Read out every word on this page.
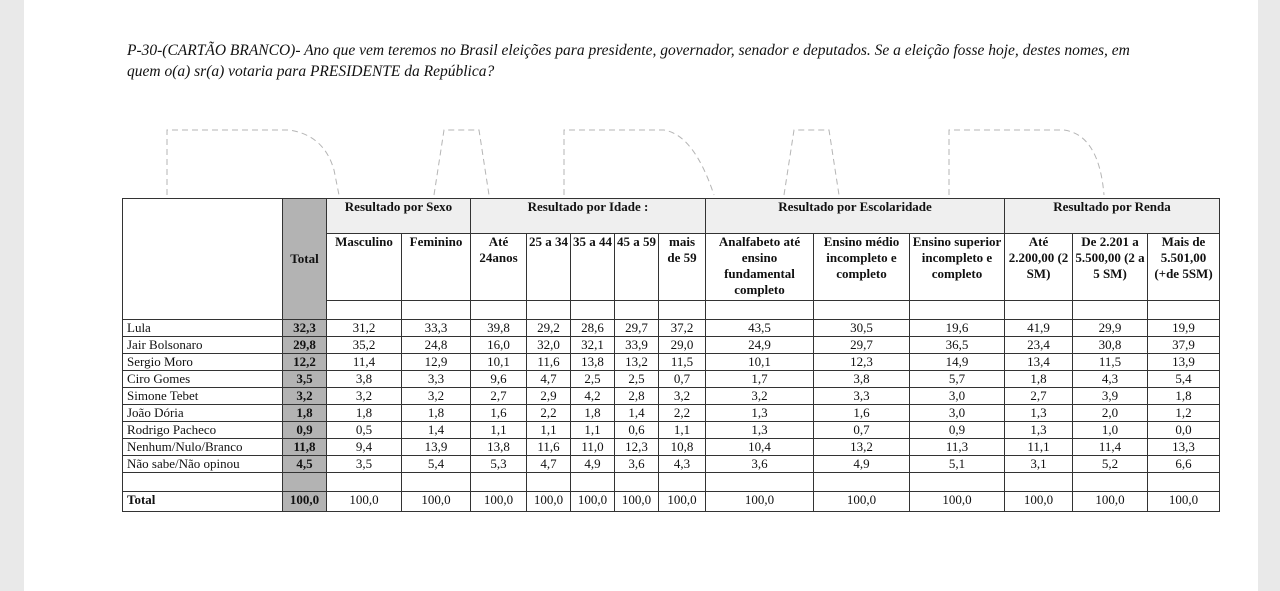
P-30-(CARTÃO BRANCO)- Ano que vem teremos no Brasil eleições para presidente, governador, senador e deputados. Se a eleição fosse hoje, destes nomes, em quem o(a) sr(a) votaria para PRESIDENTE da República?
	Total	Resultado por Sexo		Resultado por Idade :					Resultado por Escolaridade			Resultado por Renda		
		Masculino	Feminino	Até 24anos	25 a 34	35 a 44	45 a 59	mais de 59	Analfabeto até ensino fundamental completo	Ensino médio incompleto e completo	Ensino superior incompleto e completo	Até 2.200,00 (2 SM)	De 2.201 a 5.500,00 (2 a 5 SM)	Mais de 5.501,00 (+de 5SM)

Lula	32,3	31,2	33,3	39,8	29,2	28,6	29,7	37,2	43,5	30,5	19,6	41,9	29,9	19,9
Jair Bolsonaro	29,8	35,2	24,8	16,0	32,0	32,1	33,9	29,0	24,9	29,7	36,5	23,4	30,8	37,9
Sergio Moro	12,2	11,4	12,9	10,1	11,6	13,8	13,2	11,5	10,1	12,3	14,9	13,4	11,5	13,9
Ciro Gomes	3,5	3,8	3,3	9,6	4,7	2,5	2,5	0,7	1,7	3,8	5,7	1,8	4,3	5,4
Simone Tebet	3,2	3,2	3,2	2,7	2,9	4,2	2,8	3,2	3,2	3,3	3,0	2,7	3,9	1,8
João Dória	1,8	1,8	1,8	1,6	2,2	1,8	1,4	2,2	1,3	1,6	3,0	1,3	2,0	1,2
Rodrigo Pacheco	0,9	0,5	1,4	1,1	1,1	1,1	0,6	1,1	1,3	0,7	0,9	1,3	1,0	0,0
Nenhum/Nulo/Branco	11,8	9,4	13,9	13,8	11,6	11,0	12,3	10,8	10,4	13,2	11,3	11,1	11,4	13,3
Não sabe/Não opinou	4,5	3,5	5,4	5,3	4,7	4,9	3,6	4,3	3,6	4,9	5,1	3,1	5,2	6,6

Total	100,0	100,0	100,0	100,0	100,0	100,0	100,0	100,0	100,0	100,0	100,0	100,0	100,0	100,0
